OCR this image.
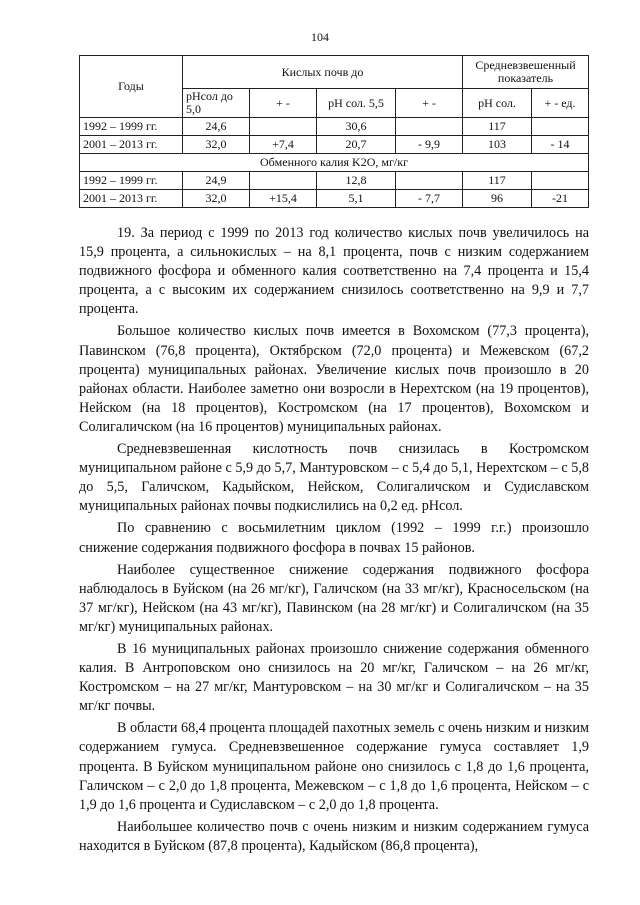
104
Годы	Кислых почв до				Средневзвешенный показатель	
	pHсол до 5,0	+ -	pH сол. 5,5	+ -	pH сол.	+ - ед.
1992 – 1999 гг.	24,6		30,6		117	
2001 – 2013 гг.	32,0	+7,4	20,7	- 9,9	103	- 14
Обменного калия K2O, мг/кг						
1992 – 1999 гг.	24,9		12,8		117	
2001 – 2013 гг.	32,0	+15,4	5,1	- 7,7	96	-21

19. За период с 1999 по 2013 год количество кислых почв увеличилось на 15,9 процента, а сильнокислых – на 8,1 процента, почв с низким содержанием подвижного фосфора и обменного калия соответственно на 7,4 процента и 15,4 процента, а с высоким их содержанием снизилось соответственно на 9,9 и 7,7 процента.

Большое количество кислых почв имеется в Вохомском (77,3 процента), Павинском (76,8 процента), Октябрском (72,0 процента) и Межевском (67,2 процента) муниципальных районах. Увеличение кислых почв произошло в 20 районах области. Наиболее заметно они возросли в Нерехтском (на 19 процентов), Нейском (на 18 процентов), Костромском (на 17 процентов), Вохомском и Солигаличском (на 16 процентов) муниципальных районах.

Средневзвешенная кислотность почв снизилась в Костромском муниципальном районе с 5,9 до 5,7, Мантуровском – с 5,4 до 5,1, Нерехтском – с 5,8 до 5,5, Галичском, Кадыйском, Нейском, Солигаличском и Судиславском муниципальных районах почвы подкислились на 0,2 ед. pHсол.

По сравнению с восьмилетним циклом (1992 – 1999 г.г.) произошло снижение содержания подвижного фосфора в почвах 15 районов.

Наиболее существенное снижение содержания подвижного фосфора наблюдалось в Буйском (на 26 мг/кг), Галичском (на 33 мг/кг), Красносельском (на 37 мг/кг), Нейском (на 43 мг/кг), Павинском (на 28 мг/кг) и Солигаличском (на 35 мг/кг) муниципальных районах.

В 16 муниципальных районах произошло снижение содержания обменного калия. В Антроповском оно снизилось на 20 мг/кг, Галичском – на 26 мг/кг, Костромском – на 27 мг/кг, Мантуровском – на 30 мг/кг и Солигаличском – на 35 мг/кг почвы.

В области 68,4 процента площадей пахотных земель с очень низким и низким содержанием гумуса. Средневзвешенное содержание гумуса составляет 1,9 процента. В Буйском муниципальном районе оно снизилось с 1,8 до 1,6 процента, Галичском – с 2,0 до 1,8 процента, Межевском – с 1,8 до 1,6 процента, Нейском – с 1,9 до 1,6 процента и Судиславском – с 2,0 до 1,8 процента.

Наибольшее количество почв с очень низким и низким содержанием гумуса находится в Буйском (87,8 процента), Кадыйском (86,8 процента),
